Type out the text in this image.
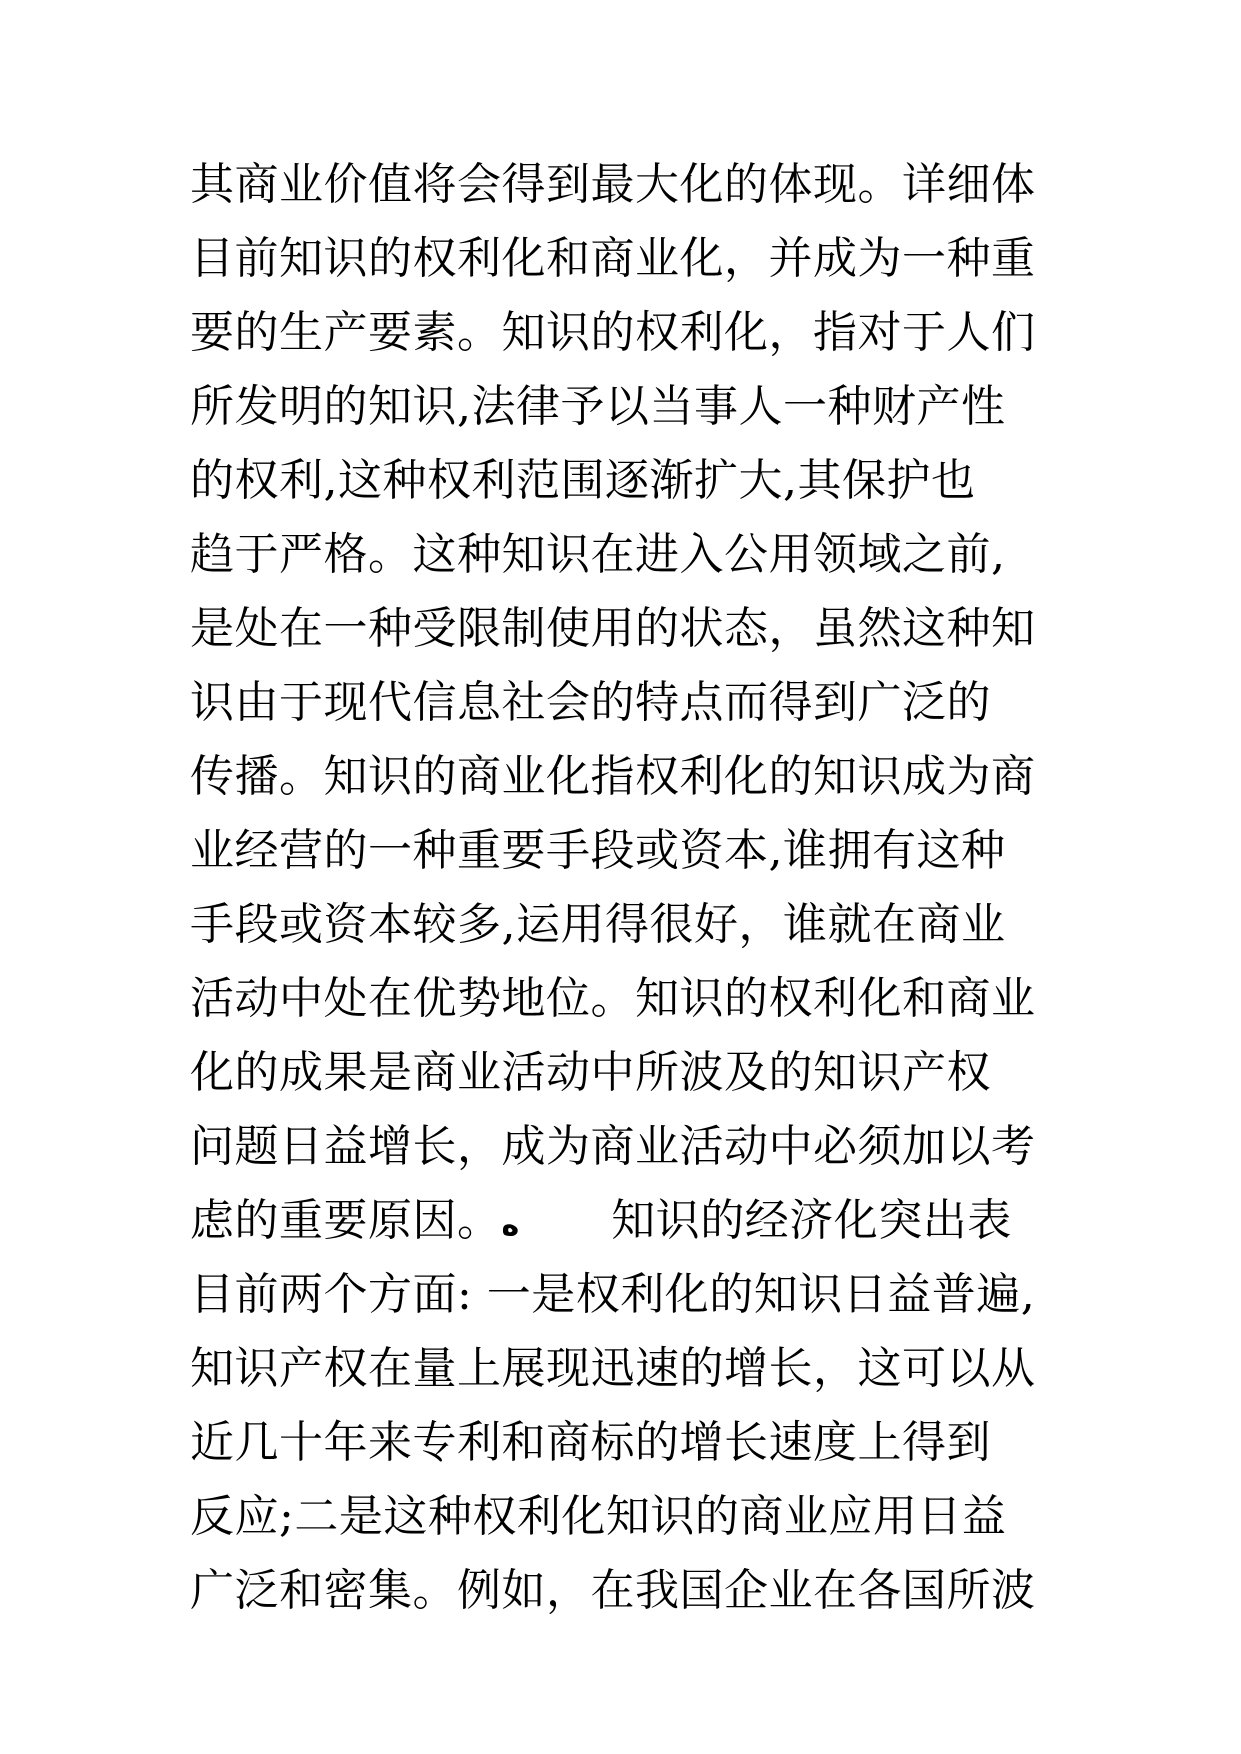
其商业价值将会得到最大化的体现。详细体
目前知识的权利化和商业化，并成为一种重
要的生产要素。知识的权利化，指对于人们
所发明的知识,法律予以当事人一种财产性
的权利,这种权利范围逐渐扩大,其保护也
趋于严格。这种知识在进入公用领域之前,
是处在一种受限制使用的状态，虽然这种知
识由于现代信息社会的特点而得到广泛的
传播。知识的商业化指权利化的知识成为商
业经营的一种重要手段或资本,谁拥有这种
手段或资本较多,运用得很好，谁就在商业
活动中处在优势地位。知识的权利化和商业
化的成果是商业活动中所波及的知识产权
问题日益增长，成为商业活动中必须加以考
虑的重要原因。ه 知识的经济化突出表
目前两个方面: 一是权利化的知识日益普遍,
知识产权在量上展现迅速的增长，这可以从
近几十年来专利和商标的增长速度上得到
反应;二是这种权利化知识的商业应用日益
广泛和密集。例如，在我国企业在各国所波
